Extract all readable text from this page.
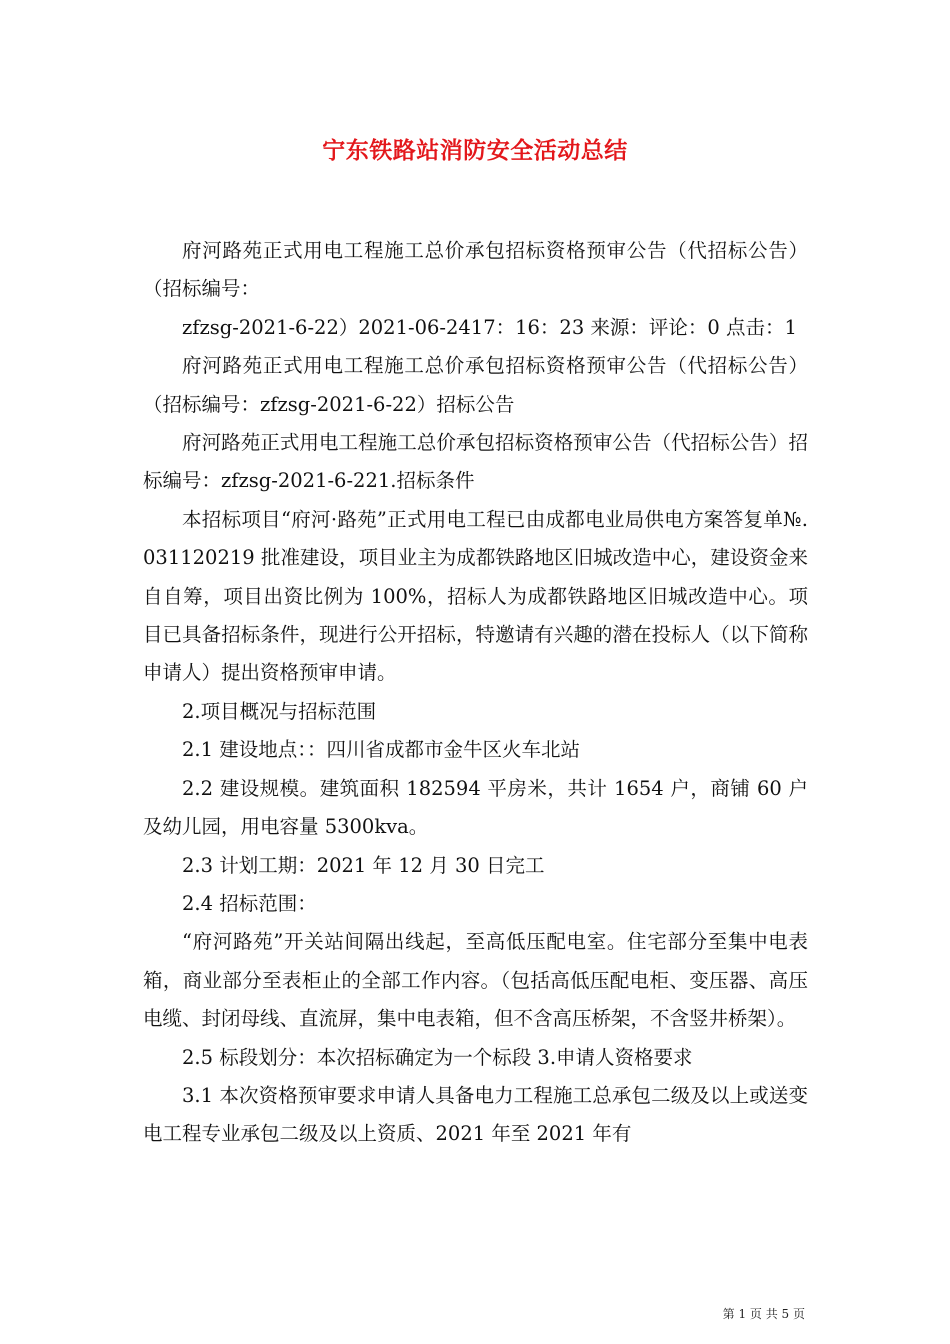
宁东铁路站消防安全活动总结

府河路苑正式用电工程施工总价承包招标资格预审公告（代招标公告）（招标编号：

zfzsg-2021-6-22）2021-06-2417：16：23 来源：评论：0 点击：1

府河路苑正式用电工程施工总价承包招标资格预审公告（代招标公告）（招标编号：zfzsg-2021-6-22）招标公告

府河路苑正式用电工程施工总价承包招标资格预审公告（代招标公告）招标编号：zfzsg-2021-6-221.招标条件

本招标项目“府河·路苑”正式用电工程已由成都电业局供电方案答复单№.031120219 批准建设，项目业主为成都铁路地区旧城改造中心，建设资金来自自筹，项目出资比例为 100%，招标人为成都铁路地区旧城改造中心。项目已具备招标条件，现进行公开招标，特邀请有兴趣的潜在投标人（以下简称申请人）提出资格预审申请。

2.项目概况与招标范围

2.1 建设地点：：四川省成都市金牛区火车北站

2.2 建设规模。建筑面积 182594 平房米，共计 1654 户，商铺 60 户及幼儿园，用电容量 5300kva。

2.3 计划工期：2021 年 12 月 30 日完工

2.4 招标范围：

“府河路苑”开关站间隔出线起，至高低压配电室。住宅部分至集中电表箱，商业部分至表柜止的全部工作内容。（包括高低压配电柜、变压器、高压电缆、封闭母线、直流屏，集中电表箱，但不含高压桥架，不含竖井桥架）。

2.5 标段划分：本次招标确定为一个标段 3.申请人资格要求

3.1 本次资格预审要求申请人具备电力工程施工总承包二级及以上或送变电工程专业承包二级及以上资质、2021 年至 2021 年有

第 1 页 共 5 页
